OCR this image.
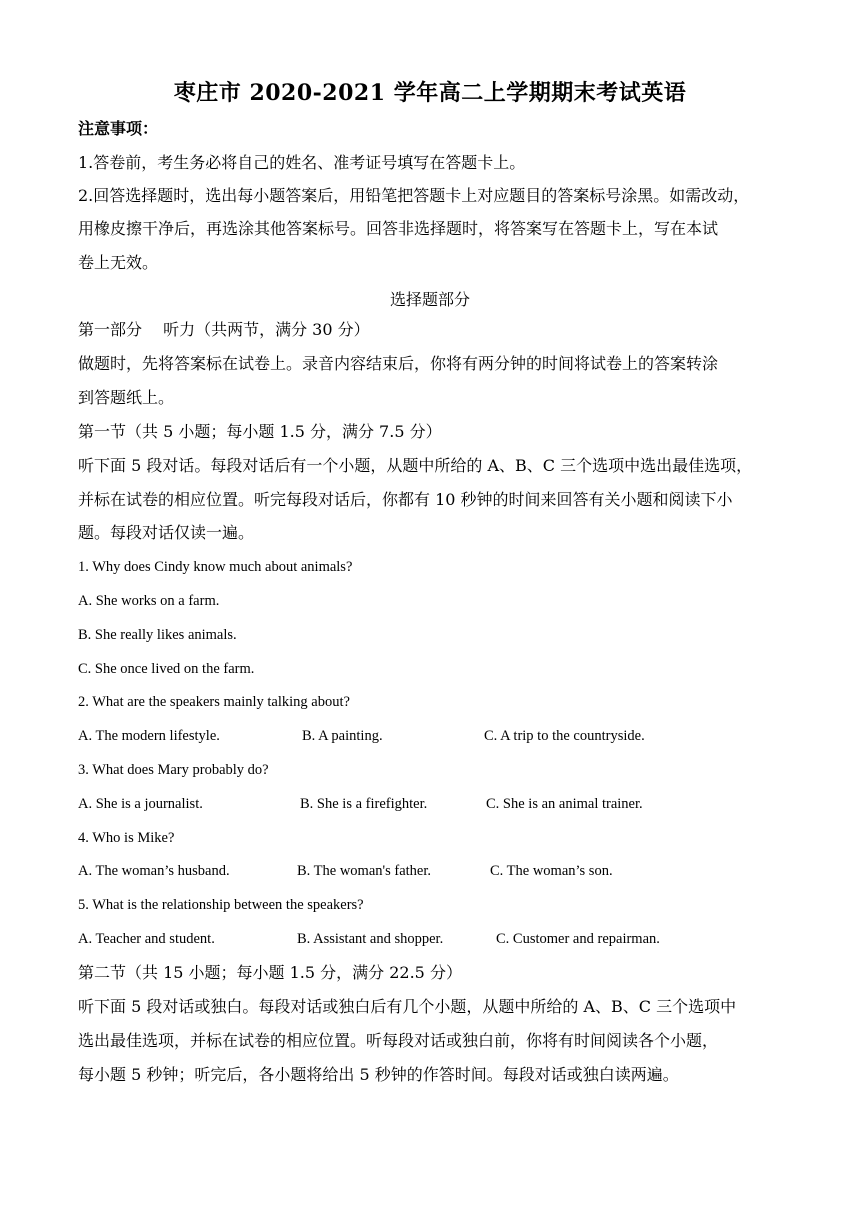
枣庄市 2020-2021 学年高二上学期期末考试英语
注意事项：
1.答卷前，考生务必将自己的姓名、准考证号填写在答题卡上。
2.回答选择题时，选出每小题答案后，用铅笔把答题卡上对应题目的答案标号涂黑。如需改动，
用橡皮擦干净后，再选涂其他答案标号。回答非选择题时，将答案写在答题卡上，写在本试
卷上无效。
选择题部分
第一部分　 听力（共两节，满分 30 分）
做题时，先将答案标在试卷上。录音内容结束后，你将有两分钟的时间将试卷上的答案转涂
到答题纸上。
第一节（共 5 小题；每小题 1.5 分，满分 7.5 分）
听下面 5 段对话。每段对话后有一个小题，从题中所给的 A、B、C 三个选项中选出最佳选项，
并标在试卷的相应位置。听完每段对话后，你都有 10 秒钟的时间来回答有关小题和阅读下小
题。每段对话仅读一遍。
1. Why does Cindy know much about animals?
A. She works on a farm.
B. She really likes animals.
C. She once lived on the farm.
2. What are the speakers mainly talking about?
A. The modern lifestyle.	B. A painting.	C. A trip to the countryside.
3. What does Mary probably do?
A. She is a journalist.	B. She is a firefighter.	C. She is an animal trainer.
4. Who is Mike?
A. The woman’s husband.	B. The woman's father.	C. The woman’s son.
5. What is the relationship between the speakers?
A. Teacher and student.	B. Assistant and shopper.	C. Customer and repairman.
第二节（共 15 小题；每小题 1.5 分，满分 22.5 分）
听下面 5 段对话或独白。每段对话或独白后有几个小题，从题中所给的 A、B、C 三个选项中
选出最佳选项，并标在试卷的相应位置。听每段对话或独白前，你将有时间阅读各个小题，
每小题 5 秒钟；听完后，各小题将给出 5 秒钟的作答时间。每段对话或独白读两遍。
